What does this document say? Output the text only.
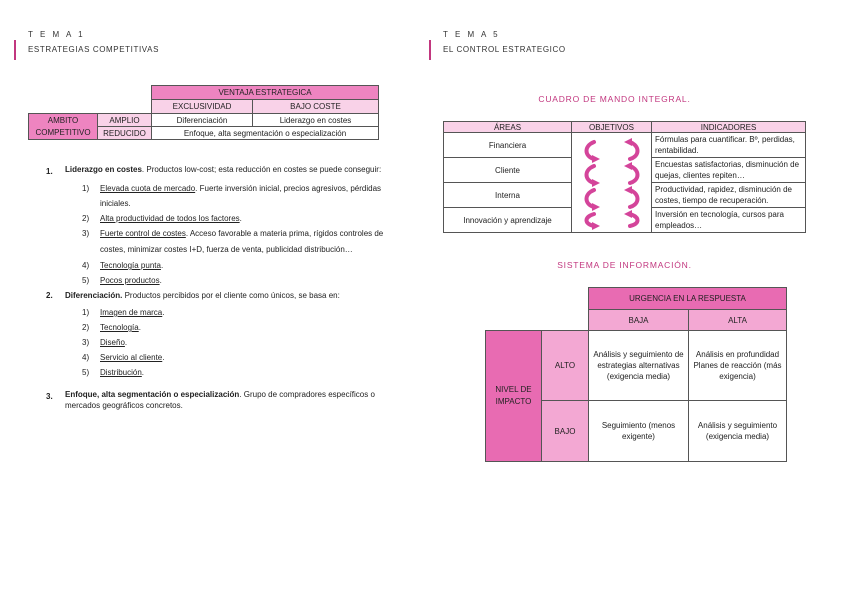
T E M A 1
ESTRATEGIAS COMPETITIVAS
		VENTAJA ESTRATEGICA	
		EXCLUSIVIDAD	BAJO COSTE
AMBITO COMPETITIVO	AMPLIO	Diferenciación	Liderazgo en costes
	REDUCIDO	Enfoque, alta segmentación o especialización	
1.	Liderazgo en costes. Productos low-cost; esta reducción en costes se puede conseguir:
1)	Elevada cuota de mercado. Fuerte inversión inicial, precios agresivos, pérdidas iniciales.
2)	Alta productividad de todos los factores.
3)	Fuerte control de costes. Acceso favorable a materia prima, rígidos controles de costes, minimizar costes I+D, fuerza de venta, publicidad distribución…
4)	Tecnología punta.
5)	Pocos productos.
2.	Diferenciación. Productos percibidos por el cliente como únicos, se basa en:
1)	Imagen de marca.
2)	Tecnología.
3)	Diseño.
4)	Servicio al cliente.
5)	Distribución.
3.	Enfoque, alta segmentación o especialización. Grupo de compradores específicos o mercados geográficos concretos.
T E M A 5
EL CONTROL ESTRATEGICO
CUADRO DE MANDO INTEGRAL.
ÁREAS	OBJETIVOS	INDICADORES
Financiera		Fórmulas para cuantificar. Bº, perdidas, rentabilidad.
Cliente		Encuestas satisfactorias, disminución de quejas, clientes repiten…
Interna		Productividad, rapidez, disminución de costes, tiempo de recuperación.
Innovación y aprendizaje		Inversión en tecnología, cursos para empleados…
SISTEMA DE INFORMACIÓN.
		URGENCIA EN LA RESPUESTA	
		BAJA	ALTA
NIVEL DE IMPACTO	ALTO	Análisis y seguimiento de estrategias alternativas (exigencia media)	Análisis en profundidad Planes de reacción (más exigencia)
	BAJO	Seguimiento (menos exigente)	Análisis y seguimiento (exigencia media)
